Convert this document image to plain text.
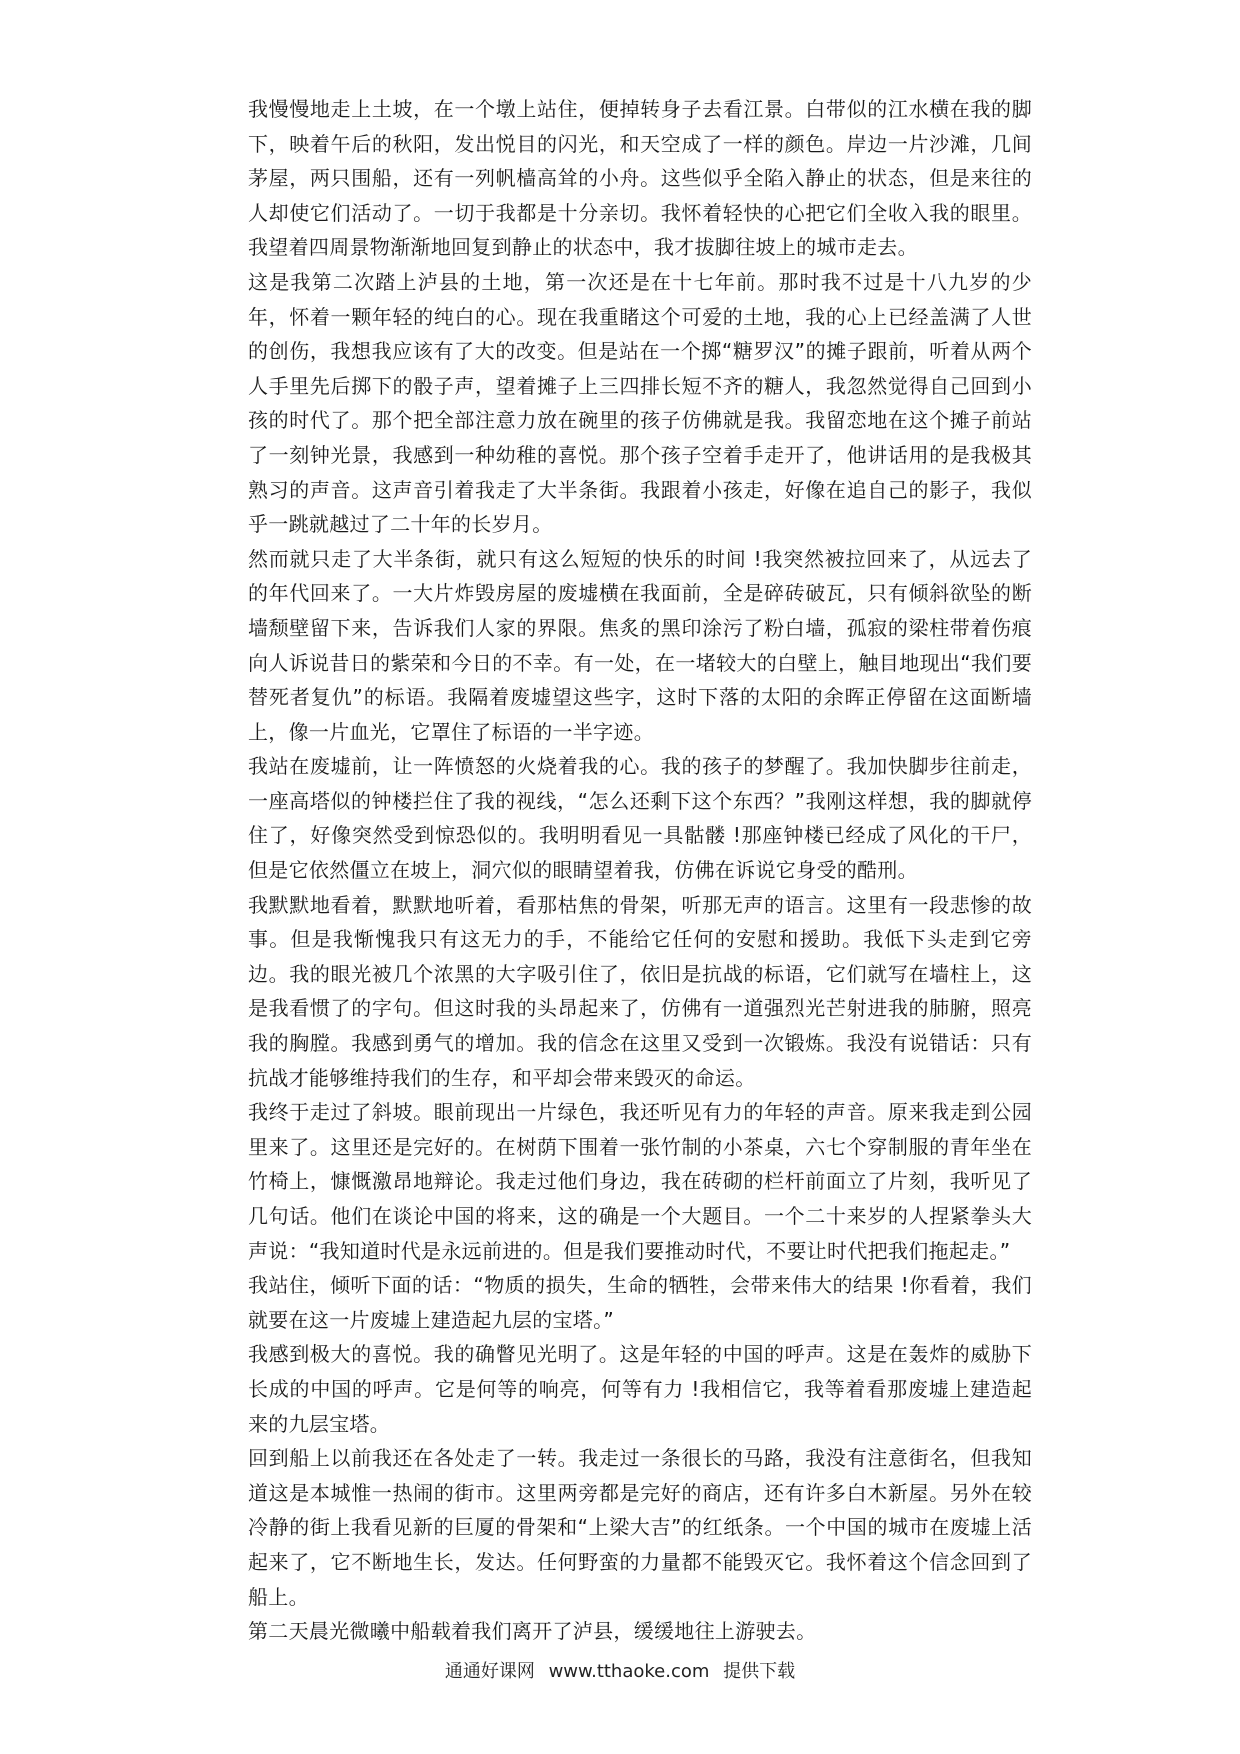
我慢慢地走上土坡，在一个墩上站住，便掉转身子去看江景。白带似的江水横在我的脚下，映着午后的秋阳，发出悦目的闪光，和天空成了一样的颜色。岸边一片沙滩，几间茅屋，两只围船，还有一列帆樯高耸的小舟。这些似乎全陷入静止的状态，但是来往的人却使它们活动了。一切于我都是十分亲切。我怀着轻快的心把它们全收入我的眼里。我望着四周景物渐渐地回复到静止的状态中，我才拔脚往坡上的城市走去。

这是我第二次踏上泸县的土地，第一次还是在十七年前。那时我不过是十八九岁的少年，怀着一颗年轻的纯白的心。现在我重睹这个可爱的土地，我的心上已经盖满了人世的创伤，我想我应该有了大的改变。但是站在一个掷“糖罗汉”的摊子跟前，听着从两个人手里先后掷下的骰子声，望着摊子上三四排长短不齐的糖人，我忽然觉得自己回到小孩的时代了。那个把全部注意力放在碗里的孩子仿佛就是我。我留恋地在这个摊子前站了一刻钟光景，我感到一种幼稚的喜悦。那个孩子空着手走开了，他讲话用的是我极其熟习的声音。这声音引着我走了大半条街。我跟着小孩走，好像在追自己的影子，我似乎一跳就越过了二十年的长岁月。

然而就只走了大半条街，就只有这么短短的快乐的时间 !我突然被拉回来了，从远去了的年代回来了。一大片炸毁房屋的废墟横在我面前，全是碎砖破瓦，只有倾斜欲坠的断墙颓壁留下来，告诉我们人家的界限。焦炙的黑印涂污了粉白墙，孤寂的梁柱带着伤痕向人诉说昔日的紫荣和今日的不幸。有一处，在一堵较大的白壁上，触目地现出“我们要替死者复仇”的标语。我隔着废墟望这些字，这时下落的太阳的余晖正停留在这面断墙上，像一片血光，它罩住了标语的一半字迹。

我站在废墟前，让一阵愤怒的火烧着我的心。我的孩子的梦醒了。我加快脚步往前走，一座高塔似的钟楼拦住了我的视线，“怎么还剩下这个东西？”我刚这样想，我的脚就停住了，好像突然受到惊恐似的。我明明看见一具骷髅 !那座钟楼已经成了风化的干尸，但是它依然僵立在坡上，洞穴似的眼睛望着我，仿佛在诉说它身受的酷刑。

我默默地看着，默默地听着，看那枯焦的骨架，听那无声的语言。这里有一段悲惨的故事。但是我惭愧我只有这无力的手，不能给它任何的安慰和援助。我低下头走到它旁边。我的眼光被几个浓黑的大字吸引住了，依旧是抗战的标语，它们就写在墙柱上，这是我看惯了的字句。但这时我的头昂起来了，仿佛有一道强烈光芒射进我的肺腑，照亮我的胸膛。我感到勇气的增加。我的信念在这里又受到一次锻炼。我没有说错话：只有抗战才能够维持我们的生存，和平却会带来毁灭的命运。

我终于走过了斜坡。眼前现出一片绿色，我还听见有力的年轻的声音。原来我走到公园里来了。这里还是完好的。在树荫下围着一张竹制的小茶桌，六七个穿制服的青年坐在竹椅上，慷慨激昂地辩论。我走过他们身边，我在砖砌的栏杆前面立了片刻，我听见了几句话。他们在谈论中国的将来，这的确是一个大题目。一个二十来岁的人捏紧拳头大声说：“我知道时代是永远前进的。但是我们要推动时代，不要让时代把我们拖起走。”

我站住，倾听下面的话：“物质的损失，生命的牺牲，会带来伟大的结果 !你看着，我们就要在这一片废墟上建造起九层的宝塔。”

我感到极大的喜悦。我的确瞥见光明了。这是年轻的中国的呼声。这是在轰炸的威胁下长成的中国的呼声。它是何等的响亮，何等有力 !我相信它，我等着看那废墟上建造起来的九层宝塔。

回到船上以前我还在各处走了一转。我走过一条很长的马路，我没有注意街名，但我知道这是本城惟一热闹的街市。这里两旁都是完好的商店，还有许多白木新屋。另外在较冷静的街上我看见新的巨厦的骨架和“上梁大吉”的红纸条。一个中国的城市在废墟上活起来了，它不断地生长，发达。任何野蛮的力量都不能毁灭它。我怀着这个信念回到了船上。

第二天晨光微曦中船载着我们离开了泸县，缓缓地往上游驶去。

通通好课网 www.tthaoke.com 提供下载
